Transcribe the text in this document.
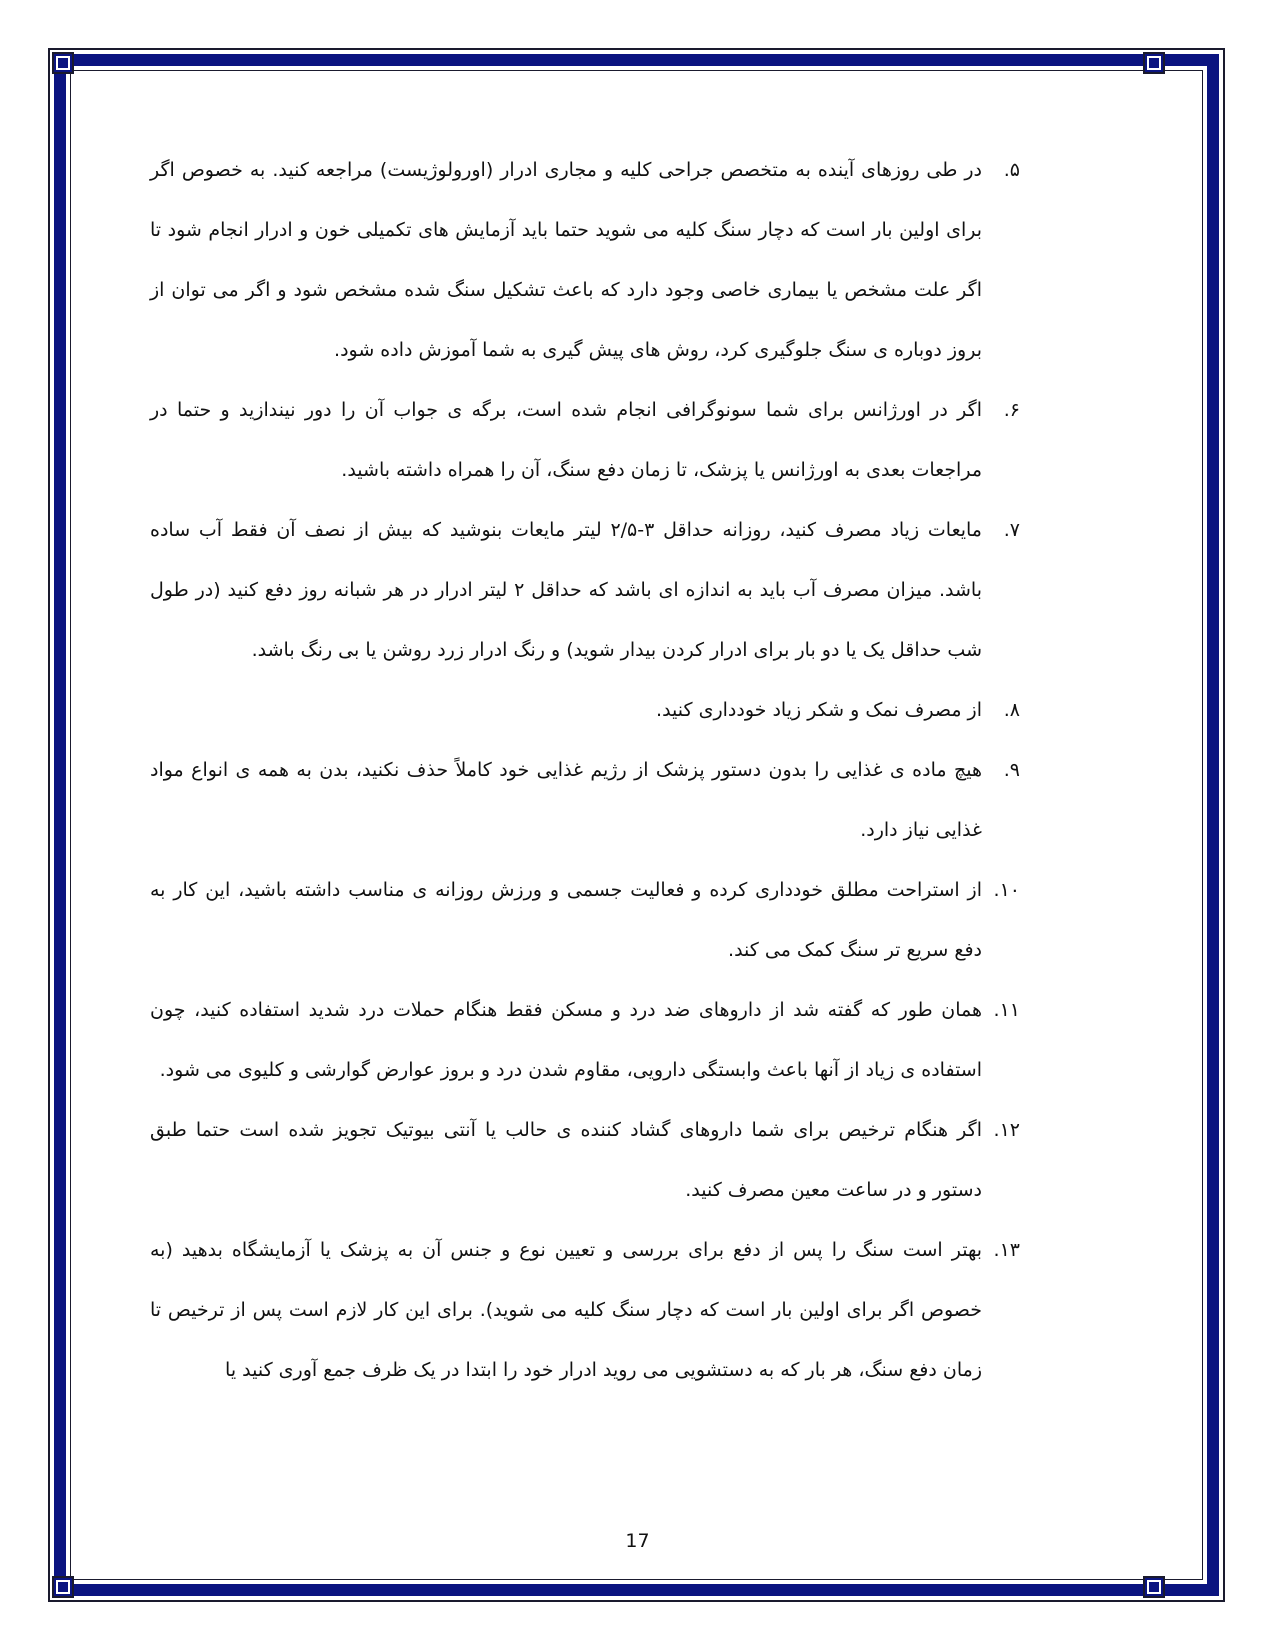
۵.
در طی روزهای آینده به متخصص جراحی کلیه و مجاری ادرار (اورولوژیست) مراجعه کنید. به خصوص اگر برای اولین بار است که دچار سنگ کلیه می شوید حتما باید آزمایش های تکمیلی خون و ادرار انجام شود تا اگر علت مشخص یا بیماری خاصی وجود دارد که باعث تشکیل سنگ شده مشخص شود و اگر می توان از بروز دوباره ی سنگ جلوگیری کرد، روش های پیش گیری به شما آموزش داده شود.
۶.
اگر در اورژانس برای شما سونوگرافی انجام شده است، برگه ی جواب آن را دور نیندازید و حتما در مراجعات بعدی به اورژانس یا پزشک، تا زمان دفع سنگ، آن را همراه داشته باشید.
۷.
مایعات زیاد مصرف کنید، روزانه حداقل ۳-۲/۵ لیتر مایعات بنوشید که بیش از نصف آن فقط آب ساده باشد. میزان مصرف آب باید به اندازه ای باشد که حداقل ۲ لیتر ادرار در هر شبانه روز دفع کنید (در طول شب حداقل یک یا دو بار برای ادرار کردن بیدار شوید) و رنگ ادرار زرد روشن یا بی رنگ باشد.
۸.
از مصرف نمک و شکر زیاد خودداری کنید.
۹.
هیچ ماده ی غذایی را بدون دستور پزشک از رژیم غذایی خود کاملاً حذف نکنید، بدن به همه ی انواع مواد غذایی نیاز دارد.
۱۰.
از استراحت مطلق خودداری کرده و فعالیت جسمی و ورزش روزانه ی مناسب داشته باشید، این کار به دفع سریع تر سنگ کمک می کند.
۱۱.
همان طور که گفته شد از داروهای ضد درد و مسکن فقط هنگام حملات درد شدید استفاده کنید، چون استفاده ی زیاد از آنها باعث وابستگی دارویی، مقاوم شدن درد و بروز عوارض گوارشی و کلیوی می شود.
۱۲.
اگر هنگام ترخیص برای شما داروهای گشاد کننده ی حالب یا آنتی بیوتیک تجویز شده است حتما طبق دستور و در ساعت معین مصرف کنید.
۱۳.
بهتر است سنگ را پس از دفع برای بررسی و تعیین نوع و جنس آن به پزشک یا آزمایشگاه بدهید (به خصوص اگر برای اولین بار است که دچار سنگ کلیه می شوید). برای این کار لازم است پس از ترخیص تا زمان دفع سنگ، هر بار که به دستشویی می روید ادرار خود را ابتدا در یک ظرف جمع آوری کنید یا
17
